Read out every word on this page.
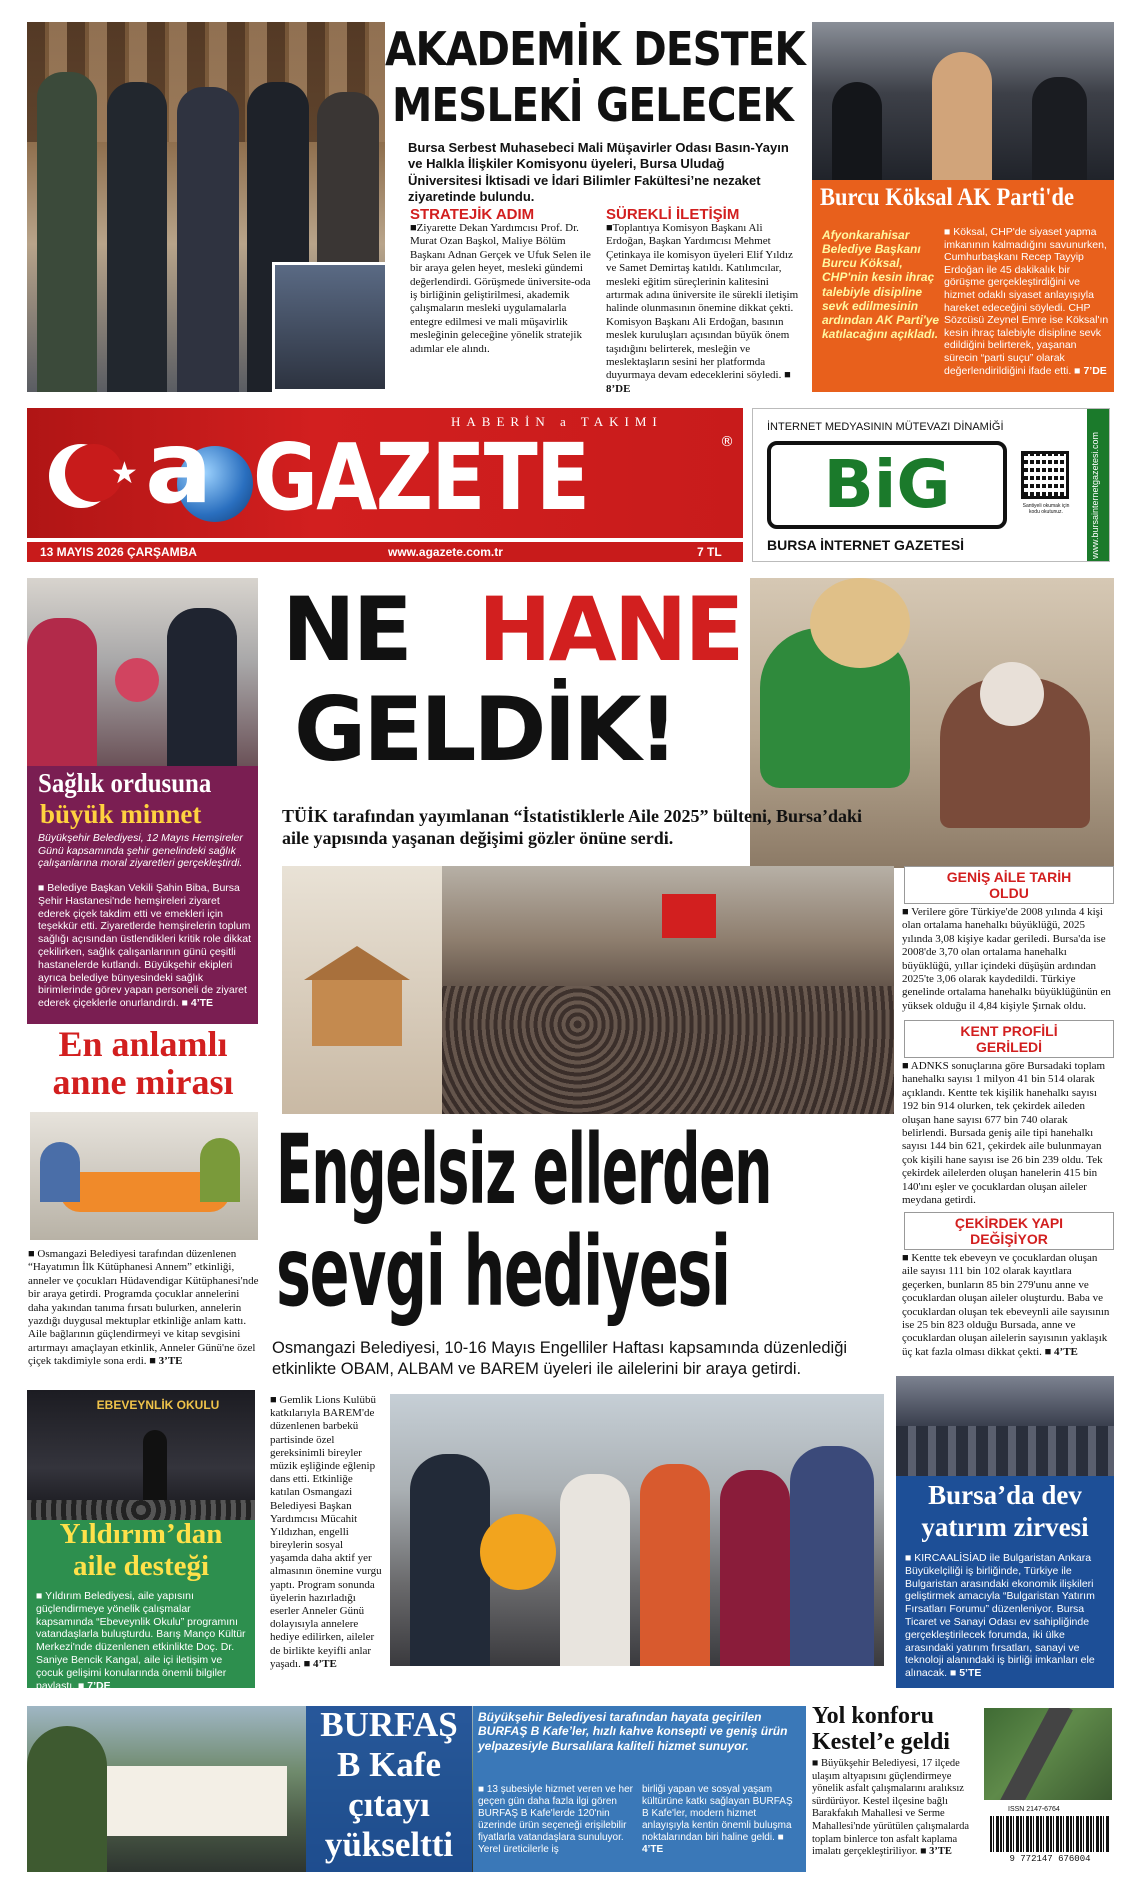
AKADEMİK DESTEK
MESLEKİ GELECEK
Bursa Serbest Muhasebeci Mali Müşavirler Odası Basın-Yayın ve Halkla İlişkiler Komisyonu üyeleri, Bursa Uludağ Üniversitesi İktisadi ve İdari Bilimler Fakültesi’ne nezaket ziyaretinde bulundu.
STRATEJİK ADIM
■ Ziyarette Dekan Yardımcısı Prof. Dr. Murat Ozan Başkol, Maliye Bölüm Başkanı Adnan Gerçek ve Ufuk Selen ile bir araya gelen heyet, mesleki gündemi değerlendirdi. Görüşmede üniversite-oda iş birliğinin geliştirilmesi, akademik çalışmaların mesleki uygulamalarla entegre edilmesi ve mali müşavirlik mesleğinin geleceğine yönelik stratejik adımlar ele alındı.
SÜREKLİ İLETİŞİM
■ Toplantıya Komisyon Başkanı Ali Erdoğan, Başkan Yardımcısı Mehmet Çetinkaya ile komisyon üyeleri Elif Yıldız ve Samet Demirtaş katıldı. Katılımcılar, mesleki eğitim süreçlerinin kalitesini artırmak adına üniversite ile sürekli iletişim halinde olunmasının önemine dikkat çekti. Komisyon Başkanı Ali Erdoğan, basının meslek kuruluşları açısından büyük önem taşıdığını belirterek, mesleğin ve meslektaşların sesini her platformda duyurmaya devam edeceklerini söyledi. ■ 8’DE
Burcu Köksal AK Parti'de
Afyonkarahisar Belediye Başkanı Burcu Köksal, CHP'nin kesin ihraç talebiyle disipline sevk edilmesinin ardından AK Parti'ye katılacağını açıkladı.
■ Köksal, CHP'de siyaset yapma imkanının kalmadığını savunurken, Cumhurbaşkanı Recep Tayyip Erdoğan ile 45 dakikalık bir görüşme gerçekleştirdiğini ve hizmet odaklı siyaset anlayışıyla hareket edeceğini söyledi. CHP Sözcüsü Zeynel Emre ise Köksal'ın kesin ihraç talebiyle disipline sevk edildiğini belirterek, yaşanan sürecin “parti suçu” olarak değerlendirildiğini ifade etti. ■ 7’DE
★
HABERİN a TAKIMI
a GAZETE	®
13 MAYIS 2026 ÇARŞAMBA	www.agazete.com.tr	7 TL
İNTERNET MEDYASININ MÜTEVAZI DİNAMİĞİ
BiG	Santiyeli okumak için kodu okutunuz.
BURSA İNTERNET GAZETESİ	www.bursainternetgazetesi.com
Sağlık ordusuna
büyük minnet
Büyükşehir Belediyesi, 12 Mayıs Hemşireler Günü kapsamında şehir genelindeki sağlık çalışanlarına moral ziyaretleri gerçekleştirdi.
■ Belediye Başkan Vekili Şahin Biba, Bursa Şehir Hastanesi'nde hemşireleri ziyaret ederek çiçek takdim etti ve emekleri için teşekkür etti. Ziyaretlerde hemşirelerin toplum sağlığı açısından üstlendikleri kritik role dikkat çekilirken, sağlık çalışanlarının günü çeşitli hastanelerde kutlandı. Büyükşehir ekipleri ayrıca belediye bünyesindeki sağlık birimlerinde görev yapan personeli de ziyaret ederek çiçeklerle onurlandırdı. ■ 4’TE
NE HANE
GELDİK!
TÜİK tarafından yayımlanan “İstatistiklerle Aile 2025” bülteni, Bursa’daki aile yapısında yaşanan değişimi gözler önüne serdi.
GENİŞ AİLE TARİH OLDU
■ Verilere göre Türkiye'de 2008 yılında 4 kişi olan ortalama hanehalkı büyüklüğü, 2025 yılında 3,08 kişiye kadar geriledi. Bursa'da ise 2008'de 3,70 olan ortalama hanehalkı büyüklüğü, yıllar içindeki düşüşün ardından 2025'te 3,06 olarak kaydedildi. Türkiye genelinde ortalama hanehalkı büyüklüğünün en yüksek olduğu il 4,84 kişiyle Şırnak oldu.
KENT PROFİLİ GERİLEDİ
■ ADNKS sonuçlarına göre Bursadaki toplam hanehalkı sayısı 1 milyon 41 bin 514 olarak açıklandı. Kentte tek kişilik hanehalkı sayısı 192 bin 914 olurken, tek çekirdek aileden oluşan hane sayısı 677 bin 740 olarak belirlendi. Bursada geniş aile tipi hanehalkı sayısı 144 bin 621, çekirdek aile bulunmayan çok kişili hane sayısı ise 26 bin 239 oldu. Tek çekirdek ailelerden oluşan hanelerin 415 bin 140'ını eşler ve çocuklardan oluşan aileler meydana getirdi.
ÇEKİRDEK YAPI DEĞİŞİYOR
■ Kentte tek ebeveyn ve çocuklardan oluşan aile sayısı 111 bin 102 olarak kayıtlara geçerken, bunların 85 bin 279'unu anne ve çocuklardan oluşan aileler oluşturdu. Baba ve çocuklardan oluşan tek ebeveynli aile sayısının ise 25 bin 823 olduğu Bursada, anne ve çocuklardan oluşan ailelerin sayısının yaklaşık üç kat fazla olması dikkat çekti. ■ 4’TE
En anlamlı
anne mirası
■ Osmangazi Belediyesi tarafından düzenlenen “Hayatımın İlk Kütüphanesi Annem” etkinliği, anneler ve çocukları Hüdavendigar Kütüphanesi'nde bir araya getirdi. Programda çocuklar annelerini daha yakından tanıma fırsatı bulurken, annelerin yazdığı duygusal mektuplar etkinliğe anlam kattı. Aile bağlarının güçlendirmeyi ve kitap sevgisini artırmayı amaçlayan etkinlik, Anneler Günü'ne özel çiçek takdimiyle sona erdi. ■ 3’TE
Engelsiz ellerden
sevgi hediyesi
Osmangazi Belediyesi, 10-16 Mayıs Engelliler Haftası kapsamında düzenlediği etkinlikte OBAM, ALBAM ve BAREM üyeleri ile ailelerini bir araya getirdi.
■ Gemlik Lions Kulübü katkılarıyla BAREM'de düzenlenen barbekü partisinde özel gereksinimli bireyler müzik eşliğinde eğlenip dans etti. Etkinliğe katılan Osmangazi Belediyesi Başkan Yardımcısı Mücahit Yıldızhan, engelli bireylerin sosyal yaşamda daha aktif yer almasının önemine vurgu yaptı. Program sonunda üyelerin hazırladığı eserler Anneler Günü dolayısıyla annelere hediye edilirken, aileler de birlikte keyifli anlar yaşadı. ■ 4’TE
EBEVEYNLİK OKULU
Yıldırım’dan
aile desteği
■ Yıldırım Belediyesi, aile yapısını güçlendirmeye yönelik çalışmalar kapsamında “Ebeveynlik Okulu” programını vatandaşlarla buluşturdu. Barış Manço Kültür Merkezi'nde düzenlenen etkinlikte Doç. Dr. Saniye Bencik Kangal, aile içi iletişim ve çocuk gelişimi konularında önemli bilgiler paylaştı. ■ 7’DE
Bursa’da dev
yatırım zirvesi
■ KIRCAALİSİAD ile Bulgaristan Ankara Büyükelçiliği iş birliğinde, Türkiye ile Bulgaristan arasındaki ekonomik ilişkileri geliştirmek amacıyla “Bulgaristan Yatırım Fırsatları Forumu” düzenleniyor. Bursa Ticaret ve Sanayi Odası ev sahipliğinde gerçekleştirilecek forumda, iki ülke arasındaki yatırım fırsatları, sanayi ve teknoloji alanındaki iş birliği imkanları ele alınacak. ■ 5’TE
BURFAŞ
B Kafe
çıtayı
yükseltti
Büyükşehir Belediyesi tarafından hayata geçirilen BURFAŞ B Kafe’ler, hızlı kahve konsepti ve geniş ürün yelpazesiyle Bursalılara kaliteli hizmet sunuyor.
■ 13 şubesiyle hizmet veren ve her geçen gün daha fazla ilgi gören BURFAŞ B Kafe'lerde 120'nin üzerinde ürün seçeneği erişilebilir fiyatlarla vatandaşlara sunuluyor. Yerel üreticilerle iş
birliği yapan ve sosyal yaşam kültürüne katkı sağlayan BURFAŞ B Kafe'ler, modern hizmet anlayışıyla kentin önemli buluşma noktalarından biri haline geldi. ■ 4’TE
Yol konforu
Kestel’e geldi
■ Büyükşehir Belediyesi, 17 ilçede ulaşım altyapısını güçlendirmeye yönelik asfalt çalışmalarını aralıksız sürdürüyor. Kestel ilçesine bağlı Barakfakıh Mahallesi ve Serme Mahallesi'nde yürütülen çalışmalarda toplam binlerce ton asfalt kaplama imalatı gerçekleştiriliyor. ■ 3’TE
ISSN 2147-6764
9 772147 676004
